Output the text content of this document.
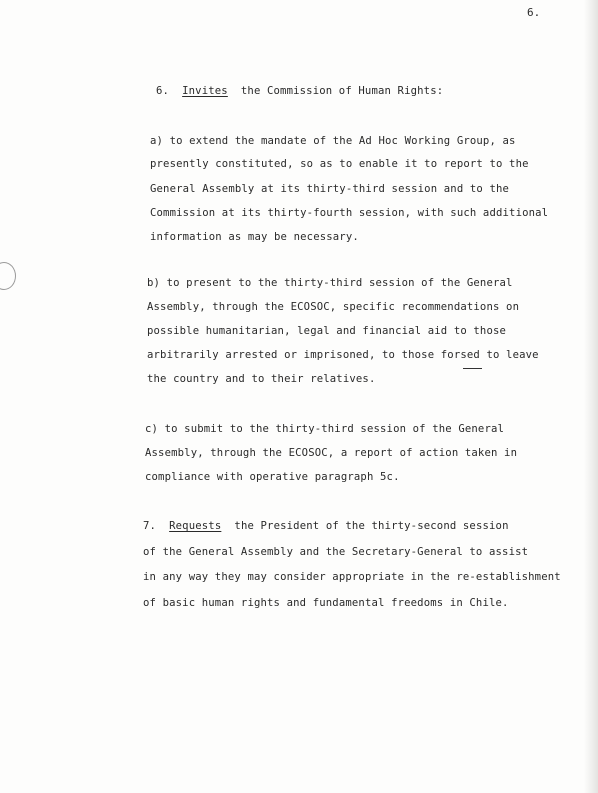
6.
6. Invites the Commission of Human Rights:
a) to extend the mandate of the Ad Hoc Working Group, as
presently constituted, so as to enable it to report to the
General Assembly at its thirty-third session and to the
Commission at its thirty-fourth session, with such additional
information as may be necessary.
b) to present to the thirty-third session of the General
Assembly, through the ECOSOC, specific recommendations on
possible humanitarian, legal and financial aid to those
arbitrarily arrested or imprisoned, to those forsed to leave
the country and to their relatives.
c) to submit to the thirty-third session of the General
Assembly, through the ECOSOC, a report of action taken in
compliance with operative paragraph 5c.
7. Requests the President of the thirty-second session
of the General Assembly and the Secretary-General to assist
in any way they may consider appropriate in the re-establishment
of basic human rights and fundamental freedoms in Chile.
